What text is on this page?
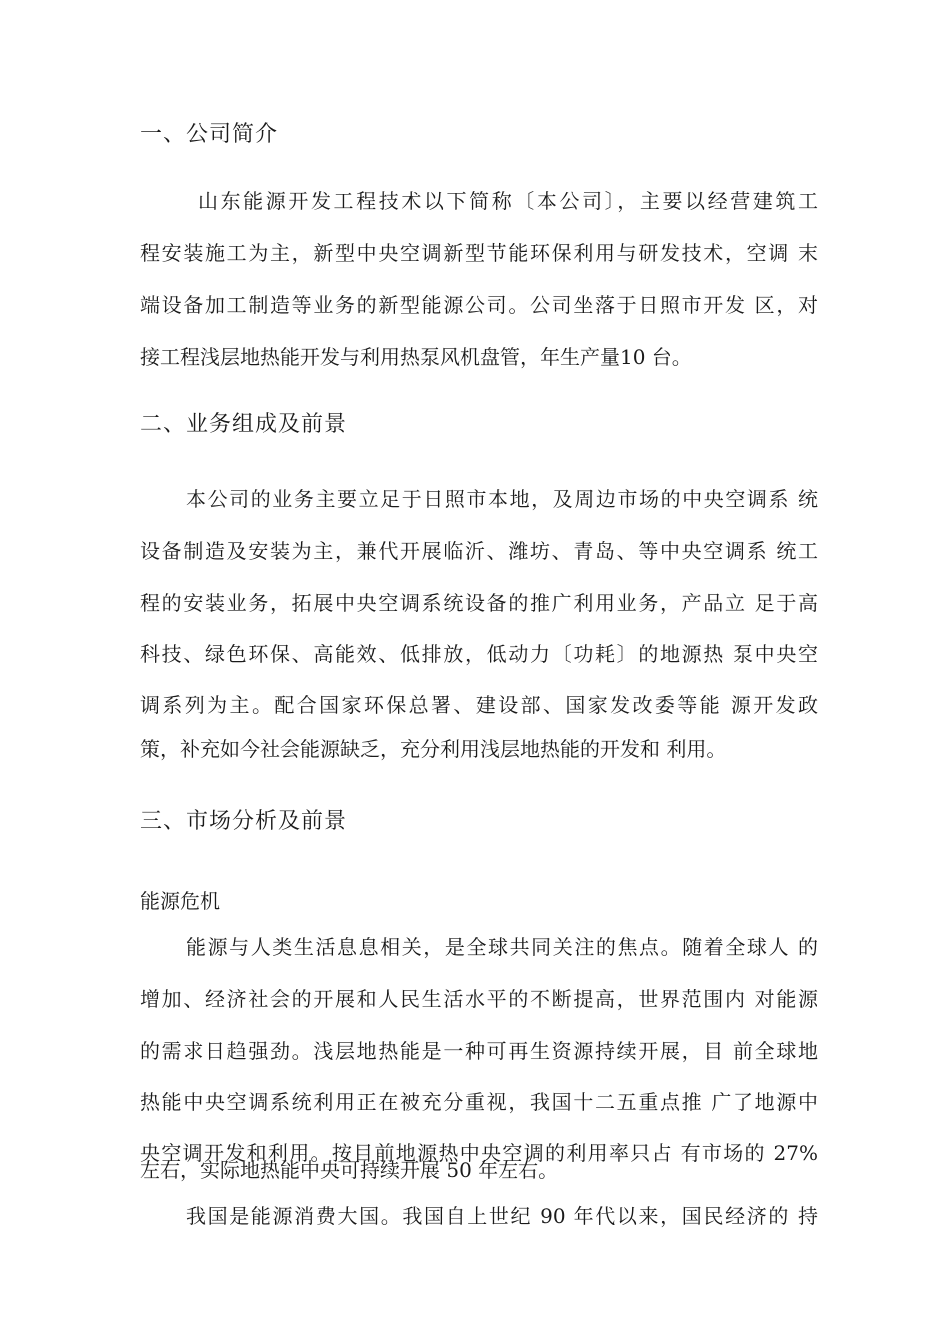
一、公司简介
山东能源开发工程技术以下简称〔本公司〕，主要以经营建筑工
程安装施工为主，新型中央空调新型节能环保利用与研发技术，空调 末
端设备加工制造等业务的新型能源公司。公司坐落于日照市开发 区，对
接工程浅层地热能开发与利用热泵风机盘管，年生产量10 台。
二、业务组成及前景
本公司的业务主要立足于日照市本地，及周边市场的中央空调系 统
设备制造及安装为主，兼代开展临沂、潍坊、青岛、等中央空调系 统工
程的安装业务，拓展中央空调系统设备的推广利用业务，产品立 足于高
科技、绿色环保、高能效、低排放，低动力〔功耗〕的地源热 泵中央空
调系列为主。配合国家环保总署、建设部、国家发改委等能 源开发政
策，补充如今社会能源缺乏，充分利用浅层地热能的开发和 利用。
三、市场分析及前景
能源危机
能源与人类生活息息相关，是全球共同关注的焦点。随着全球人 的
增加、经济社会的开展和人民生活水平的不断提高，世界范围内 对能源
的需求日趋强劲。浅层地热能是一种可再生资源持续开展，目 前全球地
热能中央空调系统利用正在被充分重视，我国十二五重点推 广了地源中
央空调开发和利用。按目前地源热中央空调的利用率只占 有市场的 27%
左右，实际地热能中央可持续开展 50 年左右。
我国是能源消费大国。我国自上世纪 90 年代以来，国民经济的 持
